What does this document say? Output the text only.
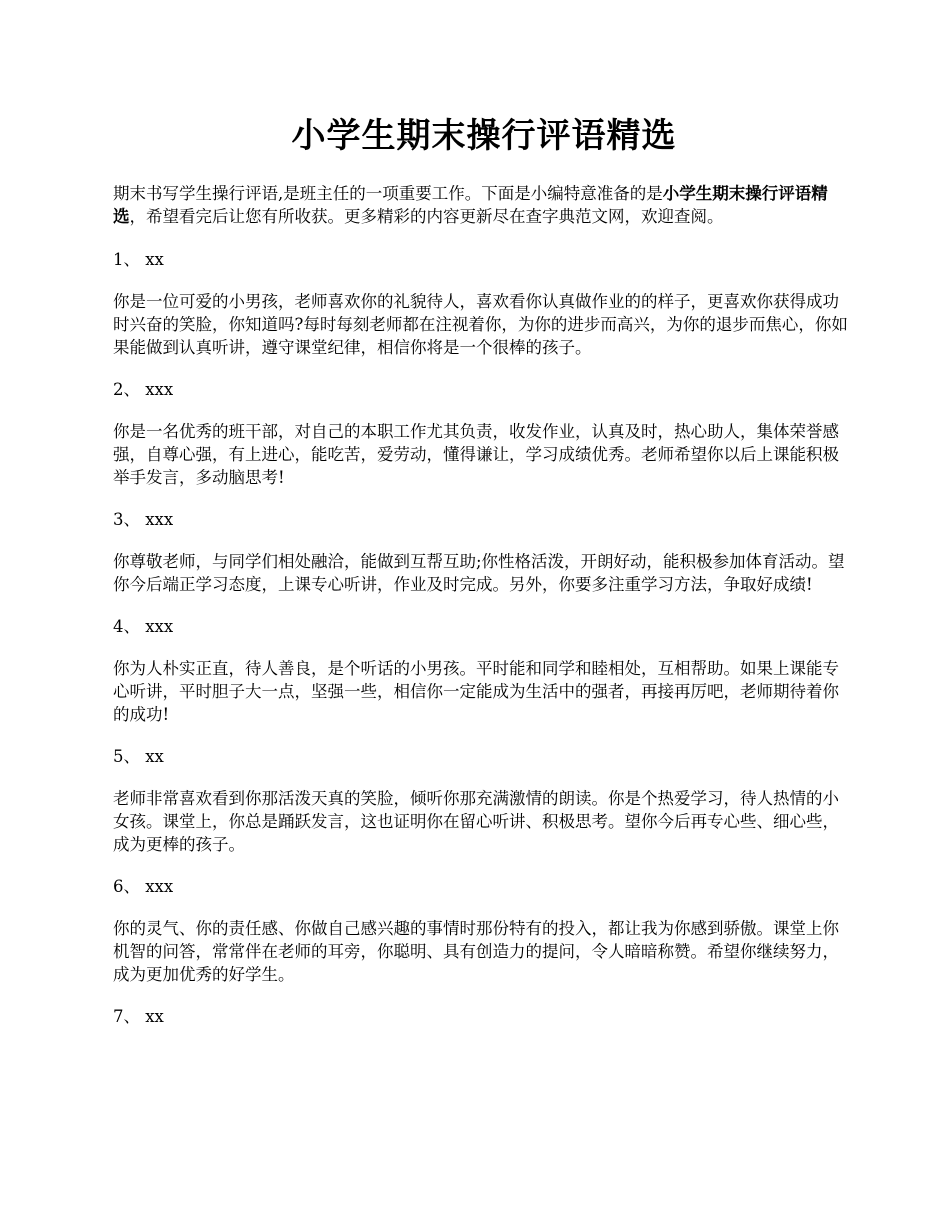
小学生期末操行评语精选

期末书写学生操行评语,是班主任的一项重要工作。下面是小编特意准备的是小学生期末操行评语精选，希望看完后让您有所收获。更多精彩的内容更新尽在查字典范文网，欢迎查阅。

1、 xx

你是一位可爱的小男孩，老师喜欢你的礼貌待人，喜欢看你认真做作业的的样子，更喜欢你获得成功时兴奋的笑脸，你知道吗?每时每刻老师都在注视着你，为你的进步而高兴，为你的退步而焦心，你如果能做到认真听讲，遵守课堂纪律，相信你将是一个很棒的孩子。

2、 xxx

你是一名优秀的班干部，对自己的本职工作尤其负责，收发作业，认真及时，热心助人，集体荣誉感强，自尊心强，有上进心，能吃苦，爱劳动，懂得谦让，学习成绩优秀。老师希望你以后上课能积极举手发言，多动脑思考!

3、 xxx

你尊敬老师，与同学们相处融洽，能做到互帮互助;你性格活泼，开朗好动，能积极参加体育活动。望你今后端正学习态度，上课专心听讲，作业及时完成。另外，你要多注重学习方法，争取好成绩!

4、 xxx

你为人朴实正直，待人善良，是个听话的小男孩。平时能和同学和睦相处，互相帮助。如果上课能专心听讲，平时胆子大一点，坚强一些，相信你一定能成为生活中的强者，再接再厉吧，老师期待着你的成功!

5、 xx

老师非常喜欢看到你那活泼天真的笑脸，倾听你那充满激情的朗读。你是个热爱学习，待人热情的小女孩。课堂上，你总是踊跃发言，这也证明你在留心听讲、积极思考。望你今后再专心些、细心些，成为更棒的孩子。

6、 xxx

你的灵气、你的责任感、你做自己感兴趣的事情时那份特有的投入，都让我为你感到骄傲。课堂上你机智的问答，常常伴在老师的耳旁，你聪明、具有创造力的提问，令人暗暗称赞。希望你继续努力，成为更加优秀的好学生。

7、 xx
